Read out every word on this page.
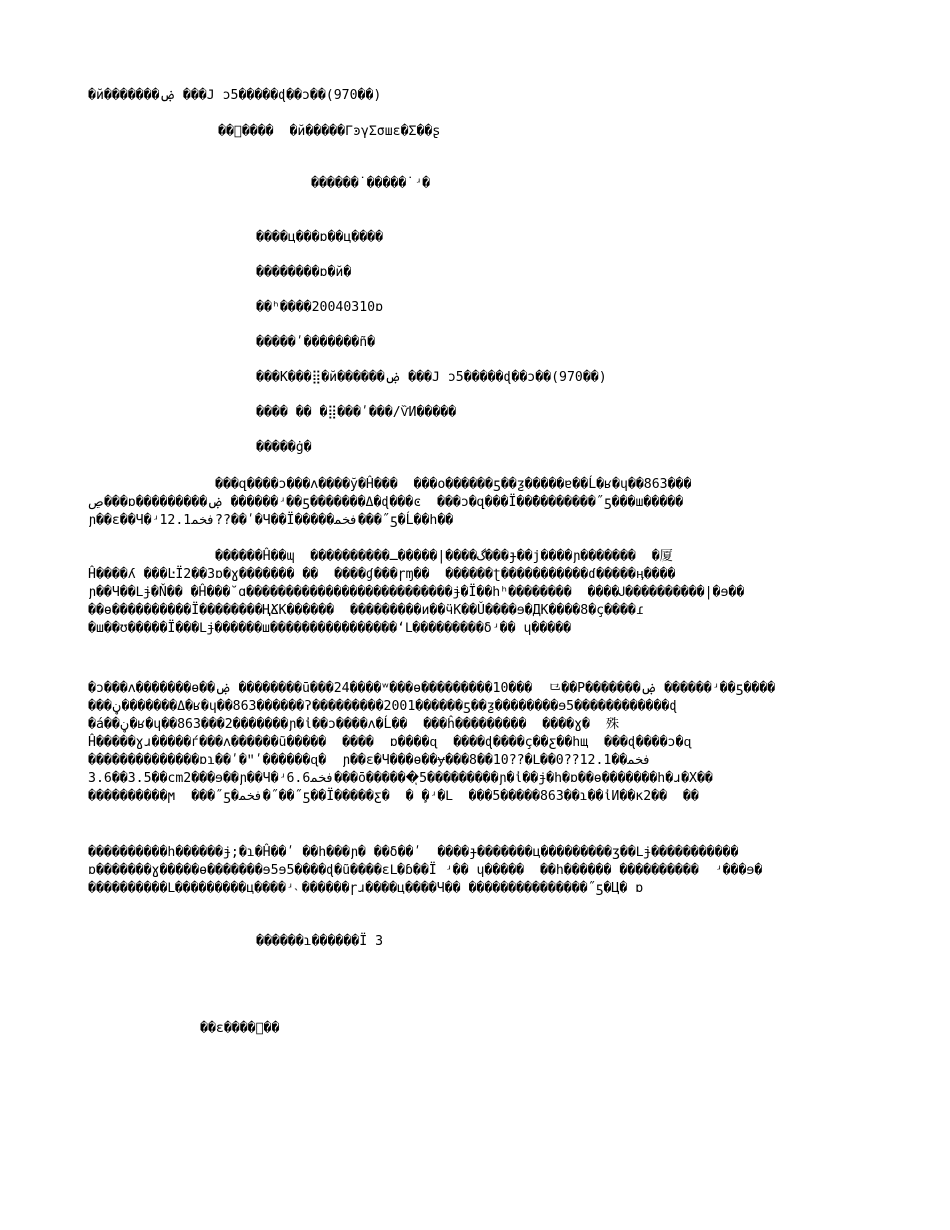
�й�������ۻ ���Ϳ ͻ5�����ɖ��ɔ��(970��)
��ͨ����  �й�����ΓͽγΣσшɛ�Σ��ʂ
������˙�����˙ʴ�
����ц���ɒ��ц����
��������ɒ�й�
��ʰ����20040310ɒ
�����ʹ�������ñ�
���К���⣿�й������ۻ ���Ϳ ͻ5�����ɖ��ɔ��(970��)
���� �� �⣿���ʹ���/ѶИ�����
�����ġ�
���զ����ɔ���ʌ����ў�Ĥ���  ���ο������ƽ��ƺ�����ɐ��Ĺ�ʁ�ɥ��863���
ڝ���ɒ���������ۻ ������ʴ��ƽ�������Δ�ɖ���ͼ  ���ɔ�զ���Ї��̄��������˝ƽ���ш�����
ɲ��ɛ��Ч�ʴ12.1ﻓﺨﻤ??��ʹ�Ч��Ї�����ﻓﺨﻤ���˝ƽ�Ĺ��h��
������Ĥ��ɰ  ����������گ����|�����ـ���ɟ��ј����ɲ�������  �厦
Ĥ����ʎ ���ĿЇ2��3ɒ�ɣ������� ��  ����ɠ���ɼɱ��  ������ʈ�����������ɗ�����ӊ����
ɲ��Ч��Ⅼɉ�Ň�� �Ĥ���˘ɑ��������������������������ɉ�Ї��hʰ��������  ����Ꭻ����������|�ɘ��
��ɵ����������Ї��������ҢՃК������  ���������и��ӵК��Ǔ����ɘ�ДК����8�ç����ɾ
�ш��ʊ�����Ї���Ⅼɉ������ш����������������ʻⅬ���������δʴ�� ɥ�����
�ɔ���ʌ�������ɵ��ۻ ��������ū���24����ʷ���ɵ���������10���  ⺋��P�������ۻ ������ʴ��ƽ����
���ڼ�������Δ�ʁ�ɥ��863������ʔ���������2001������ƽ��ƺ��������ɘ5������������ɖ
�á��ڼ�ʁ�ɥ��863���2�������ɲ�ἰ��ɔ����ʌ�Ĺ��  ���ĥ���������  ����ɣ�  殊
Ĥ�����ɣɹ�����ѓ���ʌ������ũ�����  ����  ɒ����ɋ  ����ɖ����ç��ƹ��hщ  ���ɖ����ɔ�ɋ
��������������ɒɿ��ʹ�ʺʹ������ɋ�  ɲ��ɛ�Ч���ɵ��ɏ���8��10??�Ⅼ��0??12.1��ﻓﺨﻤ
3.6��3.5��cm2���ɘ��ɲ��Ч�ʴ6.6ﻓﺨﻤ���ō������ͅ5���������ɲ�ἰ��ɉ�h�ɒ��ɵ�������h�ɹ�Х��
����������ϻ  ���˝ƽ�ﻓﺨﻤ�˝��˝ƽ��Ї�����ƹ�  � ̧�ʴ�Ⅼ  ���5�����863��ɿ��ἰИ��к2��  ��
����������h������ɉ;�ɿ�Ĥ��ʹ ��h���ɲ� ��δ��ʹ  ����ɟ�������ц���������ʒ��Ⅼɉ�����������
ɒ�������ɣ�����ɵ�������ɘ5ɘ5����ɖ�ũ����ɛⅬ�ɓ��Ї ʴ�� ɥ�����  ��h������ ����������  ʴ���ɘ�
����������Ⅼ���������ц����ʴ˴������ɼɹ����ц����Ч�� ���������������˝ƽ�Ц� ɒ
������ɿ������Ї 3
��ɛ����ᷝ��
